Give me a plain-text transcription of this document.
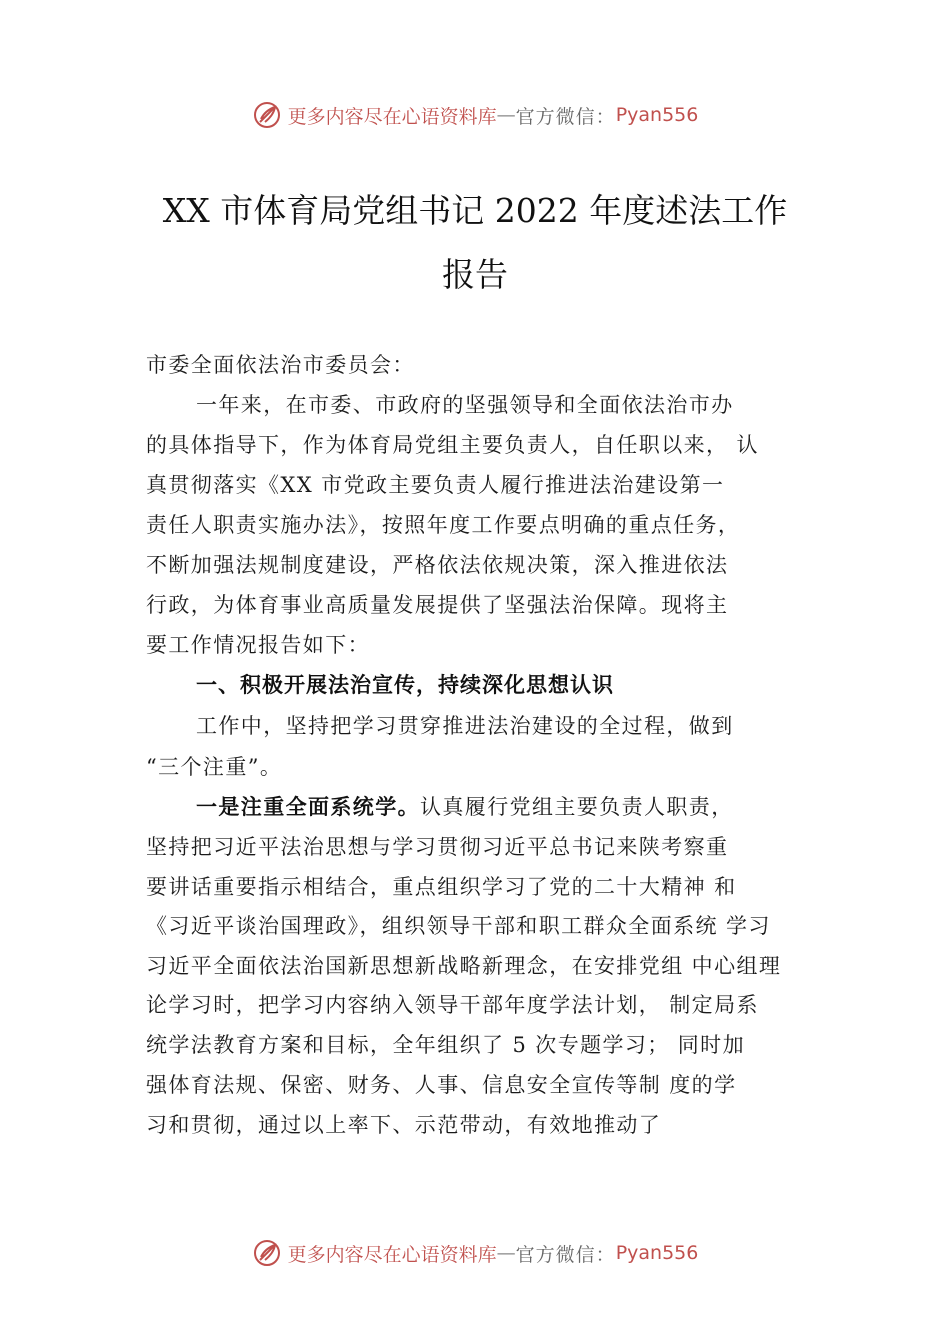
更多内容尽在心语资料库 — 官方微信： Pyan556
XX 市体育局党组书记 2022 年度述法工作
报告
市委全面依法治市委员会：
一年来，在市委、市政府的坚强领导和全面依法治市办
的具体指导下，作为体育局党组主要负责人，自任职以来， 认
真贯彻落实《XX 市党政主要负责人履行推进法治建设第一
责任人职责实施办法》，按照年度工作要点明确的重点任务，
不断加强法规制度建设，严格依法依规决策，深入推进依法
行政，为体育事业高质量发展提供了坚强法治保障。现将主
要工作情况报告如下：
一、积极开展法治宣传，持续深化思想认识
工作中，坚持把学习贯穿推进法治建设的全过程，做到
“三个注重”。
一是注重全面系统学。认真履行党组主要负责人职责，
坚持把习近平法治思想与学习贯彻习近平总书记来陕考察重
要讲话重要指示相结合，重点组织学习了党的二十大精神 和
《习近平谈治国理政》，组织领导干部和职工群众全面系统 学习
习近平全面依法治国新思想新战略新理念，在安排党组 中心组理
论学习时，把学习内容纳入领导干部年度学法计划， 制定局系
统学法教育方案和目标，全年组织了 5 次专题学习； 同时加
强体育法规、保密、财务、人事、信息安全宣传等制 度的学
习和贯彻，通过以上率下、示范带动，有效地推动了
更多内容尽在心语资料库 — 官方微信： Pyan556
